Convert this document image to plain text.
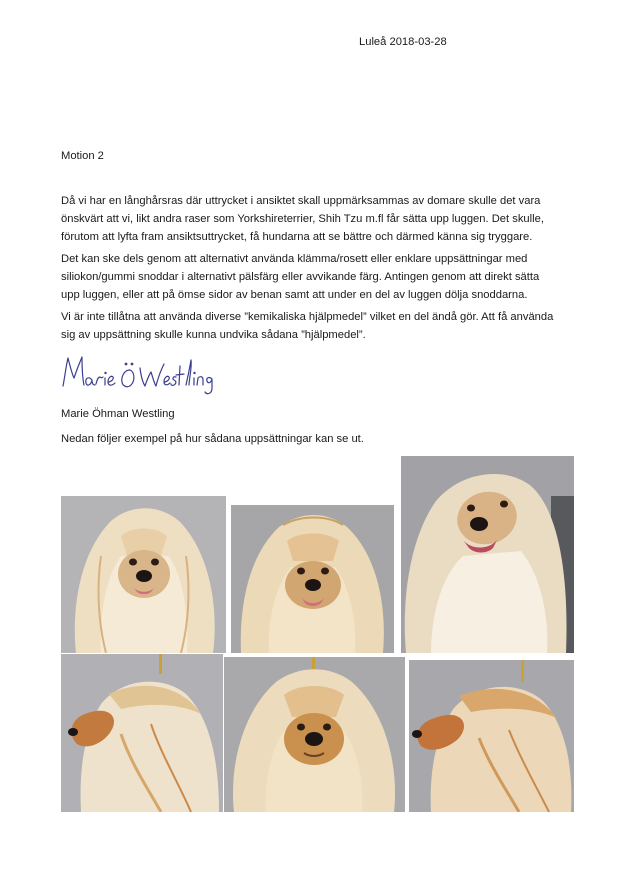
Luleå 2018-03-28
Motion 2
Då vi har en långhårsras där uttrycket i ansiktet skall uppmärksammas av domare skulle det vara
önskvärt att vi, likt andra raser som Yorkshireterrier, Shih Tzu m.fl får sätta upp luggen. Det skulle,
förutom att lyfta fram ansiktsuttrycket, få hundarna att se bättre och därmed känna sig tryggare.
Det kan ske dels genom att alternativt använda klämma/rosett eller enklare uppsättningar med
siliokon/gummi snoddar i alternativt pälsfärg eller avvikande färg. Antingen genom att direkt sätta
upp luggen, eller att på ömse sidor av benan samt att under en del av luggen dölja snoddarna.
Vi är inte tillåtna att använda diverse ”kemikaliska hjälpmedel” vilket en del ändå gör. Att få använda
sig av uppsättning skulle kunna undvika sådana ”hjälpmedel”.
Marie Öhman Westling
Nedan följer exempel på hur sådana uppsättningar kan se ut.
